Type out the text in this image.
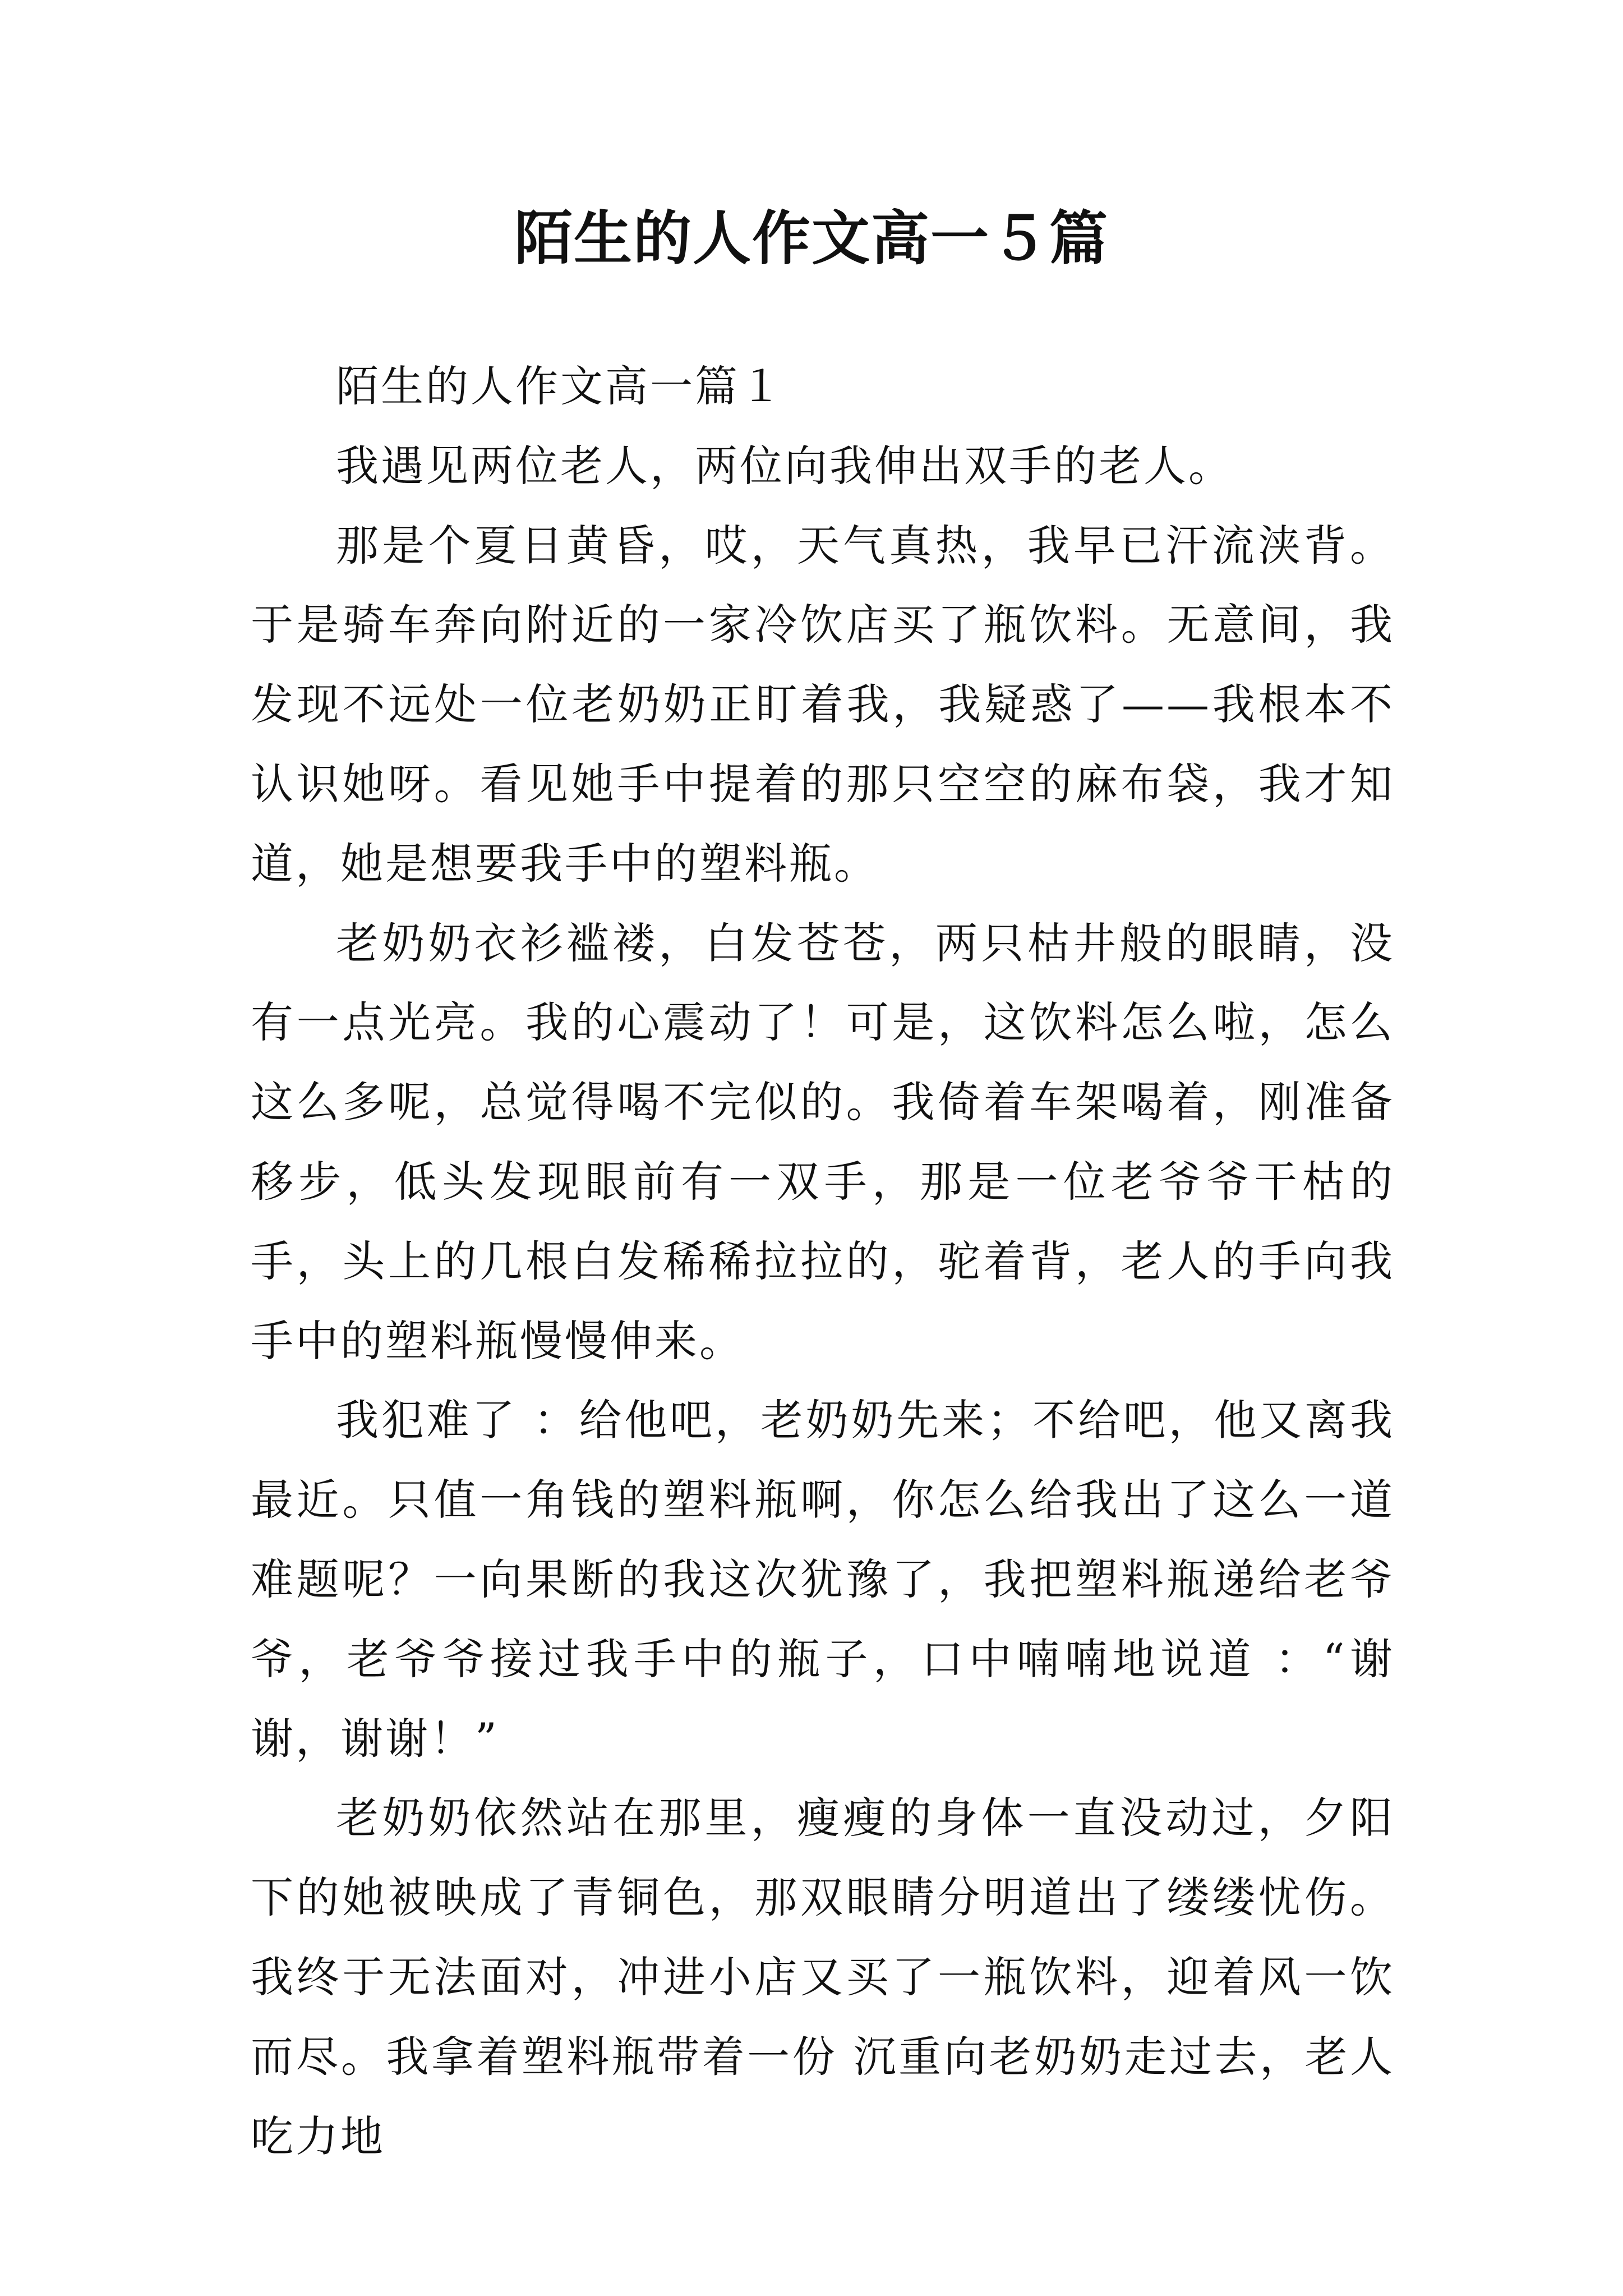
陌生的人作文高一５篇

陌生的人作文高一篇１

我遇见两位老人，两位向我伸出双手的老人。

那是个夏日黄昏，哎，天气真热，我早已汗流浃背。于是骑车奔向附近的一家冷饮店买了瓶饮料。无意间，我发现不远处一位老奶奶正盯着我，我疑惑了——我根本不认识她呀。看见她手中提着的那只空空的麻布袋，我才知道，她是想要我手中的塑料瓶。

老奶奶衣衫褴褛，白发苍苍，两只枯井般的眼睛，没有一点光亮。我的心震动了！可是，这饮料怎么啦，怎么这么多呢，总觉得喝不完似的。我倚着车架喝着，刚准备移步，低头发现眼前有一双手，那是一位老爷爷干枯的手，头上的几根白发稀稀拉拉的，驼着背，老人的手向我手中的塑料瓶慢慢伸来。

我犯难了 ：给他吧，老奶奶先来；不给吧，他又离我最近。只值一角钱的塑料瓶啊，你怎么给我出了这么一道难题呢？一向果断的我这次犹豫了，我把塑料瓶递给老爷爷，老爷爷接过我手中的瓶子，口中喃喃地说道 ：“谢谢，谢谢！”

老奶奶依然站在那里，瘦瘦的身体一直没动过，夕阳下的她被映成了青铜色，那双眼睛分明道出了缕缕忧伤。我终于无法面对，冲进小店又买了一瓶饮料，迎着风一饮而尽。我拿着塑料瓶带着一份 沉重向老奶奶走过去，老人吃力地
